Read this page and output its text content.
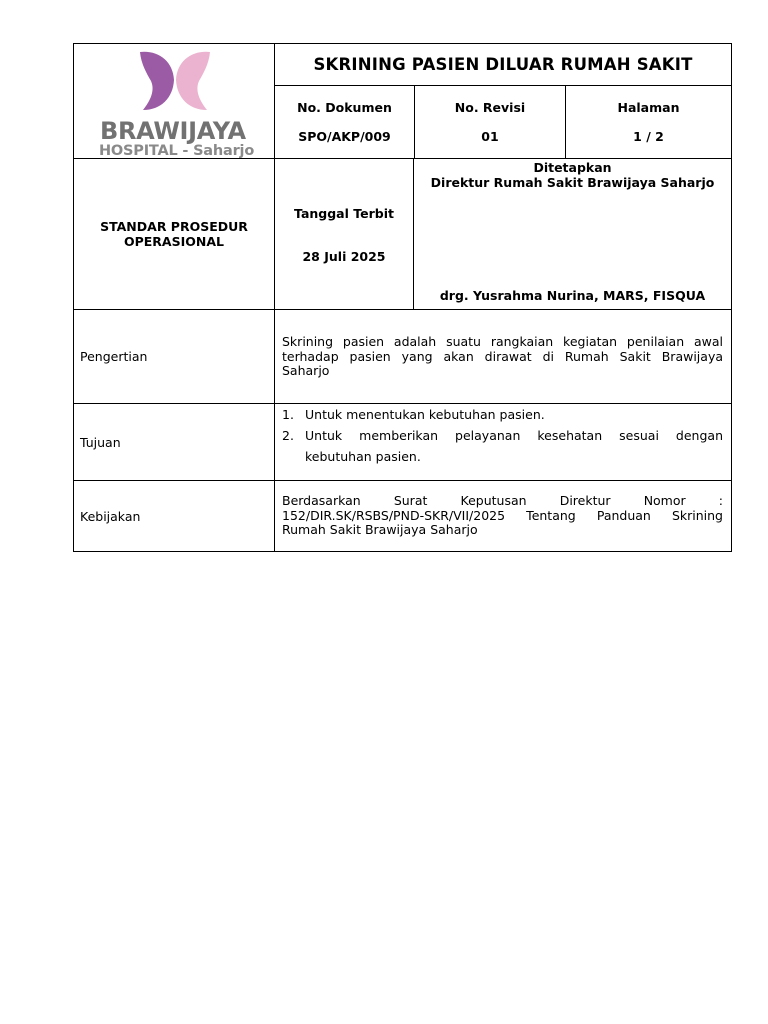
BRAWIJAYA
HOSPITAL - Saharjo
SKRINING PASIEN DILUAR RUMAH SAKIT
No. Dokumen
SPO/AKP/009
No. Revisi
01
Halaman
1 / 2
STANDAR PROSEDUR
OPERASIONAL
Tanggal Terbit
28 Juli 2025
Ditetapkan
Direktur Rumah Sakit Brawijaya Saharjo
drg. Yusrahma Nurina, MARS, FISQUA
Pengertian
Skrining pasien adalah suatu rangkaian kegiatan penilaian awal
terhadap pasien yang akan dirawat di Rumah Sakit Brawijaya
Saharjo
Tujuan
1. Untuk menentukan kebutuhan pasien.
2. Untuk memberikan pelayanan kesehatan sesuai dengan
kebutuhan pasien.
Kebijakan
Berdasarkan Surat Keputusan Direktur Nomor :
152/DIR.SK/RSBS/PND-SKR/VII/2025 Tentang Panduan Skrining
Rumah Sakit Brawijaya Saharjo
